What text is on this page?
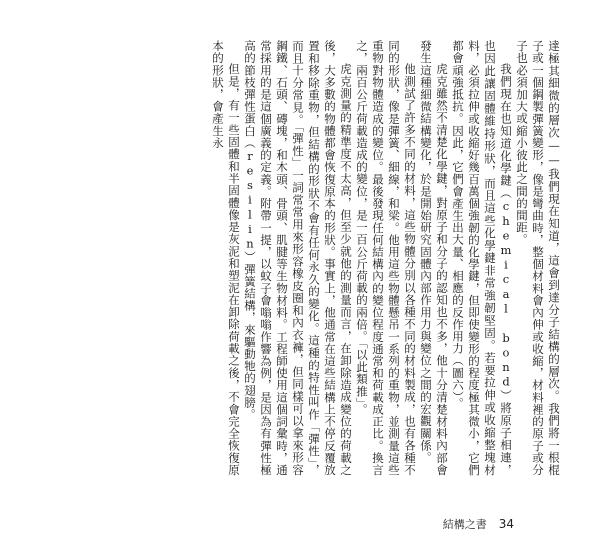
達極其細微的層次——我們現在知道，這會到達分子結構的層次。我們將一根棍子或一個鋼製彈簧變形，像是彎曲時，整個材料會內伸或收縮，材料裡的原子或分子也必須加大或縮小彼此之間的間距。

我們現在也知道化學鍵（chemical bond）將原子相連，也因此讓固體維持形狀，而且這些化學鍵非常強韌堅固。若要拉伸或收縮整塊材料，必須拉伸或收縮好幾百萬個強韌的化學鍵，但即使變形的程度極其微小，它們都會頑強抵抗。因此，它們會產生出大量、相應的反作用力（圖六）。

虎克雖然不清楚化學鍵，對原子和分子的認知也不多，他十分清楚材料內部會發生這種細微結構變化，於是開始研究固體內部作用力與變位之間的宏觀關係。

他測試了許多不同的材料，這些物體分別以各種不同的材料製成，也有各種不同的形狀，像是彈簧、細線，和梁。他用這些物體懸吊一系列的重物，並測量這些重物對物體造成的變位。最後發現任何結構內的變位程度通常和荷載成正比。換言之，兩百公斤荷載造成的變位，是一百公斤荷載的兩倍。「以此類推」。

虎克測量的精準度不太高，但至少就他的測量而言，在卸除造成變位的荷載之後，大多數的物體都會恢復原本的形狀。事實上，他通常在這些結構上不停反覆放置和移除重物，但結構的形狀不會有任何永久的變化。這種的特性叫作「彈性」，而且十分常見。「彈性」一詞常常用來形容橡皮圈和內衣褲，但同樣可以拿來形容鋼鐵、石頭、磚塊，和木頭、骨頭、肌腱等生物材料。工程師使用這個詞彙時，通常採用的是這個廣義的定義。附帶一提，以蚊子會嗡嗡作響為例，是因為有彈性極高的節枝彈性蛋白（resilin）彈簧結構，來驅動牠的翅膀。

但是，有一些固體和半固體像是灰泥和塑泥在卸除荷載之後，不會完全恢復原本的形狀，會產生永

結構之書 34
